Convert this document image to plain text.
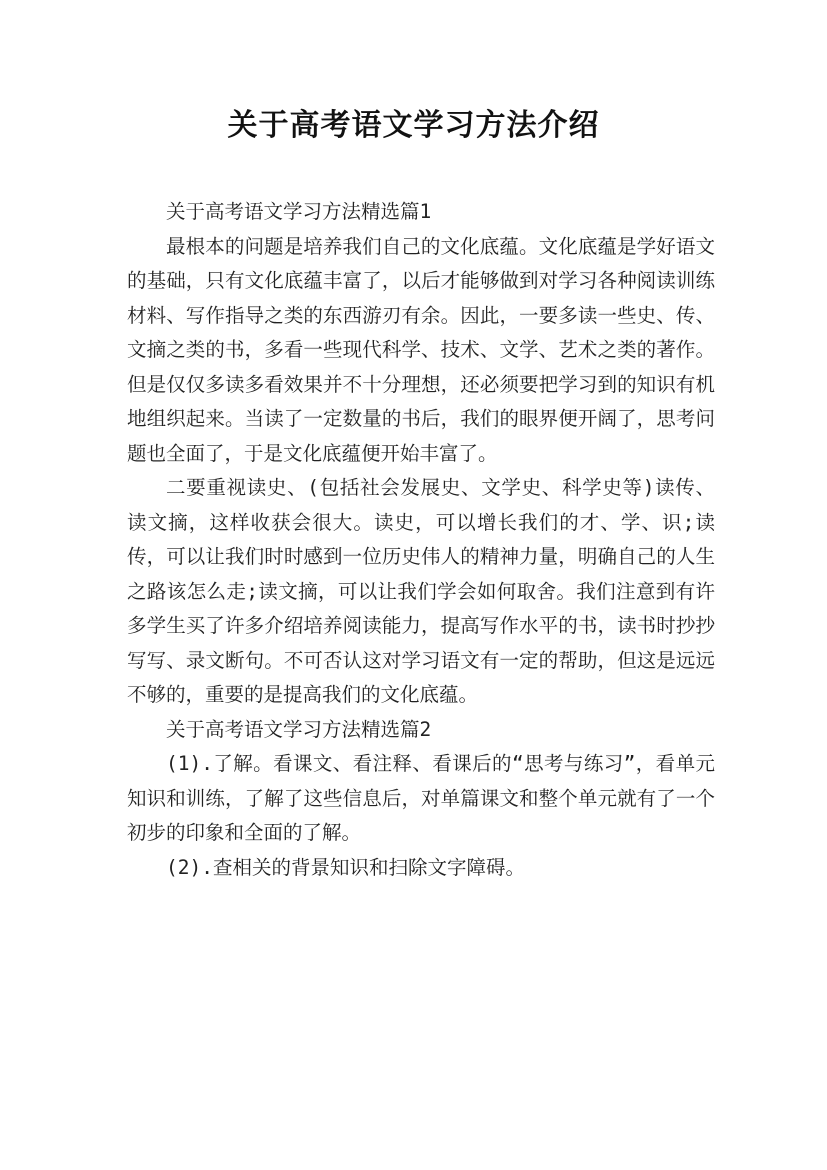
关于高考语文学习方法介绍

关于高考语文学习方法精选篇1

最根本的问题是培养我们自己的文化底蕴。文化底蕴是学好语文的基础，只有文化底蕴丰富了，以后才能够做到对学习各种阅读训练材料、写作指导之类的东西游刃有余。因此，一要多读一些史、传、文摘之类的书，多看一些现代科学、技术、文学、艺术之类的著作。但是仅仅多读多看效果并不十分理想，还必须要把学习到的知识有机地组织起来。当读了一定数量的书后，我们的眼界便开阔了，思考问题也全面了，于是文化底蕴便开始丰富了。

二要重视读史、(包括社会发展史、文学史、科学史等)读传、读文摘，这样收获会很大。读史，可以增长我们的才、学、识;读传，可以让我们时时感到一位历史伟人的精神力量，明确自己的人生之路该怎么走;读文摘，可以让我们学会如何取舍。我们注意到有许多学生买了许多介绍培养阅读能力，提高写作水平的书，读书时抄抄写写、录文断句。不可否认这对学习语文有一定的帮助，但这是远远不够的，重要的是提高我们的文化底蕴。

关于高考语文学习方法精选篇2

(1).了解。看课文、看注释、看课后的“思考与练习”，看单元知识和训练，了解了这些信息后，对单篇课文和整个单元就有了一个初步的印象和全面的了解。

(2).查相关的背景知识和扫除文字障碍。
